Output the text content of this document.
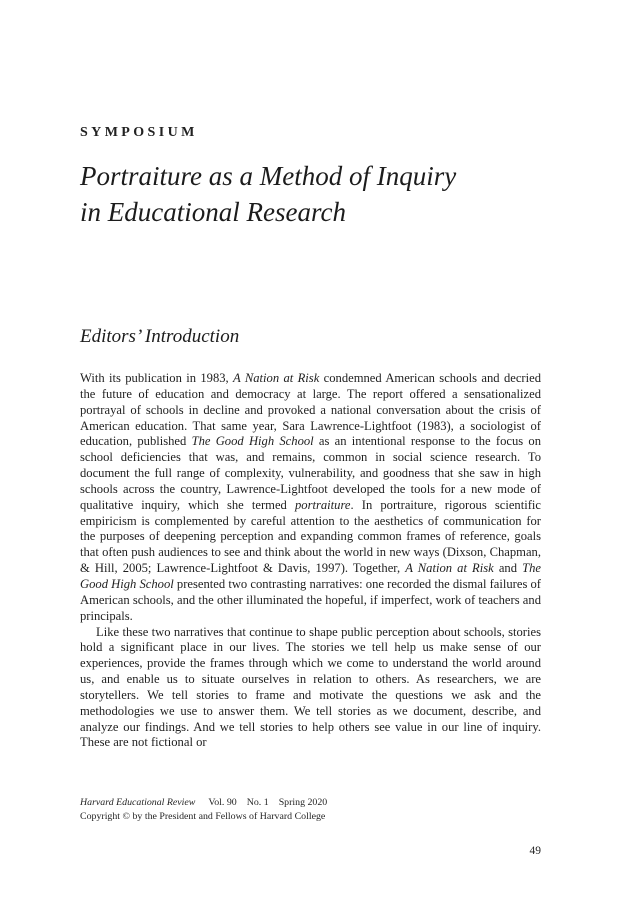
SYMPOSIUM
Portraiture as a Method of Inquiry
in Educational Research
Editors’ Introduction

With its publication in 1983, A Nation at Risk condemned American schools and decried the future of education and democracy at large. The report offered a sensationalized portrayal of schools in decline and provoked a national conversation about the crisis of American education. That same year, Sara Lawrence-Lightfoot (1983), a sociologist of education, published The Good High School as an intentional response to the focus on school deficiencies that was, and remains, common in social science research. To document the full range of complexity, vulnerability, and goodness that she saw in high schools across the country, Lawrence-Lightfoot developed the tools for a new mode of qualitative inquiry, which she termed portraiture. In portraiture, rigorous scientific empiricism is complemented by careful attention to the aesthetics of communication for the purposes of deepening perception and expanding common frames of reference, goals that often push audiences to see and think about the world in new ways (Dixson, Chapman, & Hill, 2005; Lawrence-Lightfoot & Davis, 1997). Together, A Nation at Risk and The Good High School presented two contrasting narratives: one recorded the dismal failures of American schools, and the other illuminated the hopeful, if imperfect, work of teachers and principals.

Like these two narratives that continue to shape public perception about schools, stories hold a significant place in our lives. The stories we tell help us make sense of our experiences, provide the frames through which we come to understand the world around us, and enable us to situate ourselves in relation to others. As researchers, we are storytellers. We tell stories to frame and motivate the questions we ask and the methodologies we use to answer them. We tell stories as we document, describe, and analyze our findings. And we tell stories to help others see value in our line of inquiry. These are not fictional or

Harvard Educational Review Vol. 90 No. 1 Spring 2020
Copyright © by the President and Fellows of Harvard College
49
